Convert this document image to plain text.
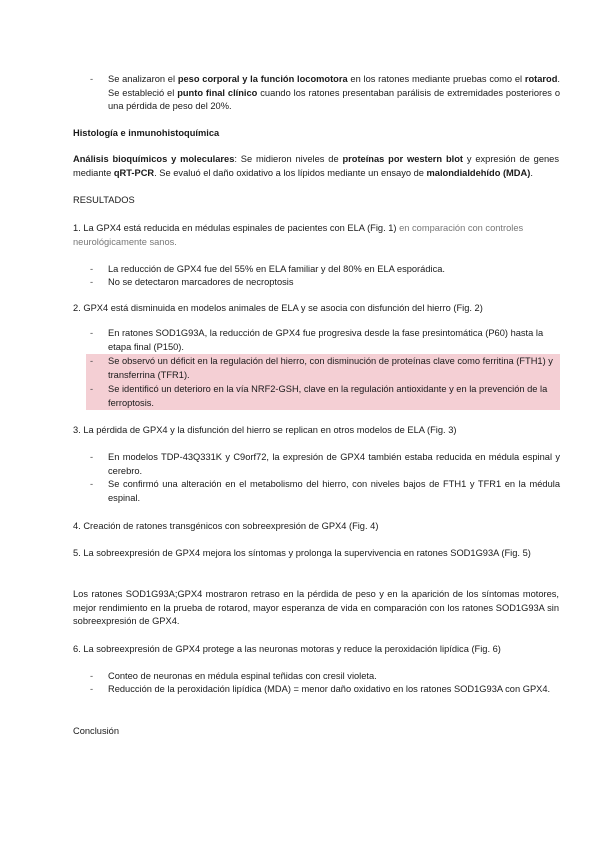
-	Se analizaron el peso corporal y la función locomotora en los ratones mediante pruebas como el rotarod. Se estableció el punto final clínico cuando los ratones presentaban parálisis de extremidades posteriores o una pérdida de peso del 20%.

Histología e inmunohistoquímica

Análisis bioquímicos y moleculares: Se midieron niveles de proteínas por western blot y expresión de genes mediante qRT-PCR. Se evaluó el daño oxidativo a los lípidos mediante un ensayo de malondialdehído (MDA).

RESULTADOS

1. La GPX4 está reducida en médulas espinales de pacientes con ELA (Fig. 1) en comparación con controles neurológicamente sanos.

-	La reducción de GPX4 fue del 55% en ELA familiar y del 80% en ELA esporádica.
-	No se detectaron marcadores de necroptosis

2. GPX4 está disminuida en modelos animales de ELA y se asocia con disfunción del hierro (Fig. 2)

-	En ratones SOD1G93A, la reducción de GPX4 fue progresiva desde la fase presintomática (P60) hasta la etapa final (P150).
-	Se observó un déficit en la regulación del hierro, con disminución de proteínas clave como ferritina (FTH1) y transferrina (TFR1).
-	Se identificó un deterioro en la vía NRF2-GSH, clave en la regulación antioxidante y en la prevención de la ferroptosis.

3. La pérdida de GPX4 y la disfunción del hierro se replican en otros modelos de ELA (Fig. 3)

-	En modelos TDP-43Q331K y C9orf72, la expresión de GPX4 también estaba reducida en médula espinal y cerebro.
-	Se confirmó una alteración en el metabolismo del hierro, con niveles bajos de FTH1 y TFR1 en la médula espinal.

4. Creación de ratones transgénicos con sobreexpresión de GPX4 (Fig. 4)

5. La sobreexpresión de GPX4 mejora los síntomas y prolonga la supervivencia en ratones SOD1G93A (Fig. 5)

Los ratones SOD1G93A;GPX4 mostraron retraso en la pérdida de peso y en la aparición de los síntomas motores, mejor rendimiento en la prueba de rotarod, mayor esperanza de vida en comparación con los ratones SOD1G93A sin sobreexpresión de GPX4.

6. La sobreexpresión de GPX4 protege a las neuronas motoras y reduce la peroxidación lipídica (Fig. 6)

-	Conteo de neuronas en médula espinal teñidas con cresil violeta.
-	Reducción de la peroxidación lipídica (MDA) = menor daño oxidativo en los ratones SOD1G93A con GPX4.

Conclusión
